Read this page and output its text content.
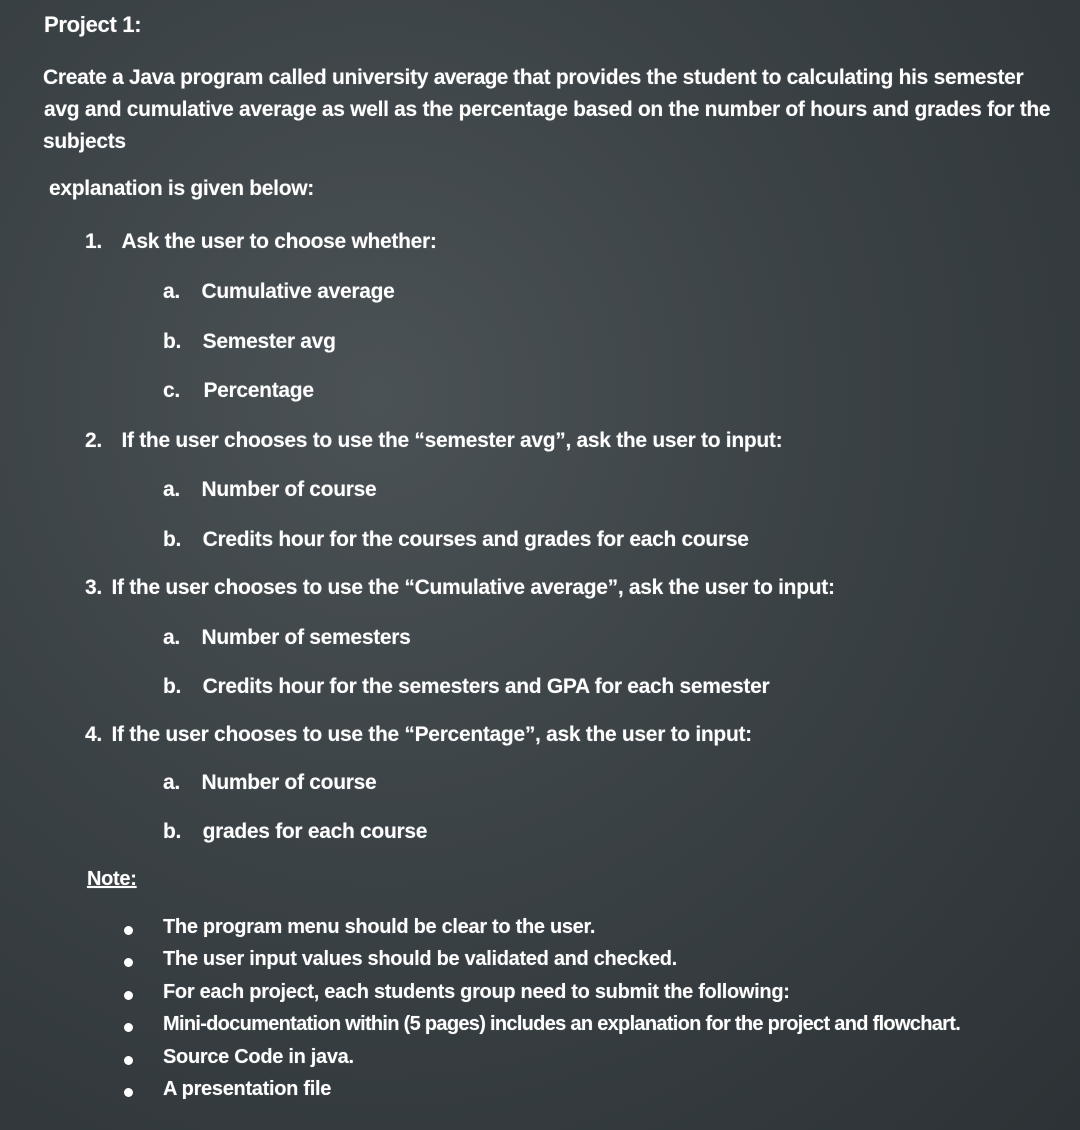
Project 1:
Create a Java program called university average that provides the student to calculating his semester
avg and cumulative average as well as the percentage based on the number of hours and grades for the
subjects
explanation is given below:
1. Ask the user to choose whether:
a. Cumulative average
b. Semester avg
c. Percentage
2. If the user chooses to use the “semester avg”, ask the user to input:
a. Number of course
b. Credits hour for the courses and grades for each course
3. If the user chooses to use the “Cumulative average”, ask the user to input:
a. Number of semesters
b. Credits hour for the semesters and GPA for each semester
4. If the user chooses to use the “Percentage”, ask the user to input:
a. Number of course
b. grades for each course
Note:
The program menu should be clear to the user.
The user input values should be validated and checked.
For each project, each students group need to submit the following:
Mini-documentation within (5 pages) includes an explanation for the project and flowchart.
Source Code in java.
A presentation file
